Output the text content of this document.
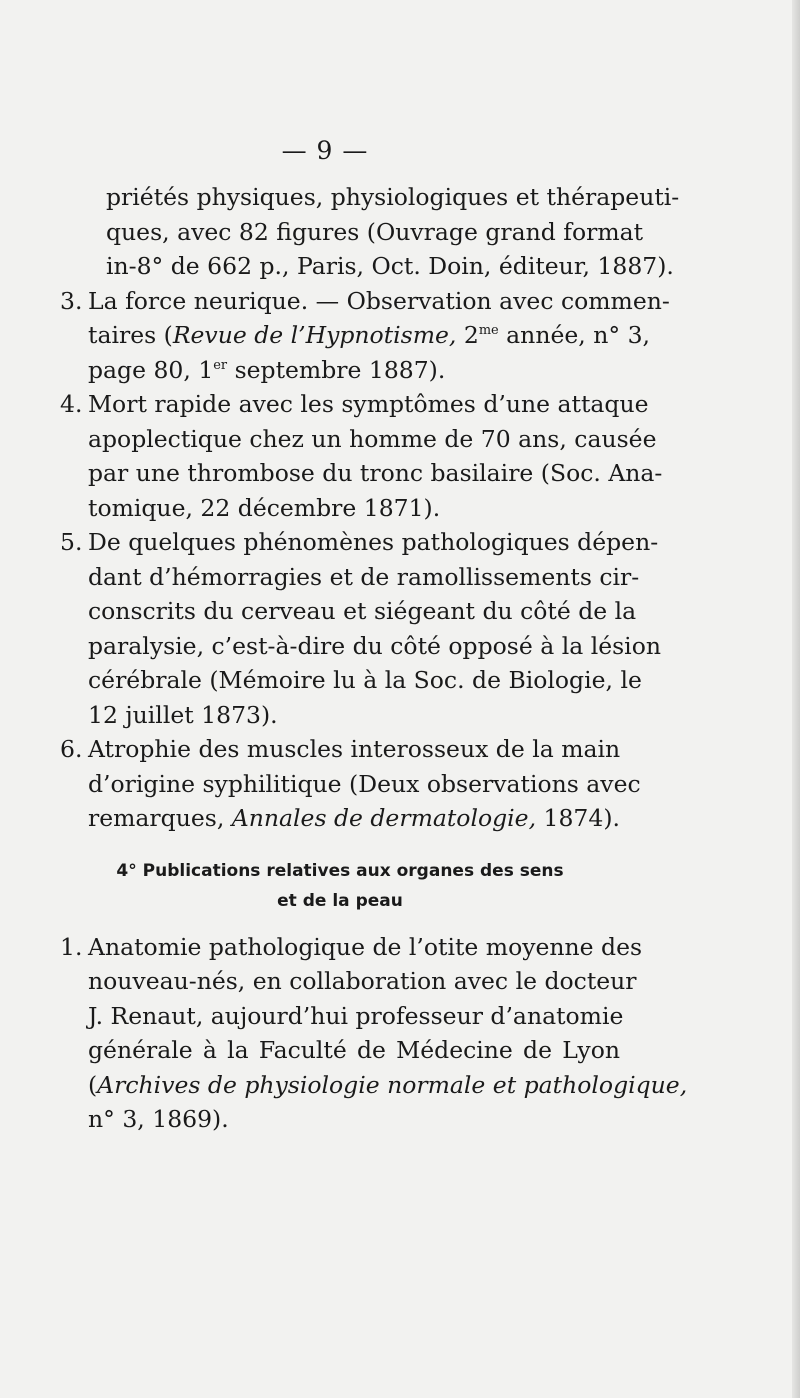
— 9 —
priétés physiques, physiologiques et thérapeuti-
ques, avec 82 figures (Ouvrage grand format
in-8° de 662 p., Paris, Oct. Doin, éditeur, 1887).
3. La force neurique. — Observation avec commen-
taires (Revue de l’Hypnotisme, $2^{me}$ année, n° 3,
page 80, 1er septembre 1887).
4. Mort rapide avec les symptômes d’une attaque
apoplectique chez un homme de 70 ans, causée
par une thrombose du tronc basilaire (Soc. Ana-
tomique, 22 décembre 1871).
5. De quelques phénomènes pathologiques dépen-
dant d’hémorragies et de ramollissements cir-
conscrits du cerveau et siégeant du côté de la
paralysie, c’est-à-dire du côté opposé à la lésion
cérébrale (Mémoire lu à la Soc. de Biologie, le
12 juillet 1873).
6. Atrophie des muscles interosseux de la main
d’origine syphilitique (Deux observations avec
remarques, Annales de dermatologie, 1874).
4° Publications relatives aux organes des sens
et de la peau
1. Anatomie pathologique de l’otite moyenne des
nouveau-nés, en collaboration avec le docteur
J. Renaut, aujourd’hui professeur d’anatomie
générale à la Faculté de Médecine de Lyon
(Archives de physiologie normale et pathologique,
n° 3, 1869).
